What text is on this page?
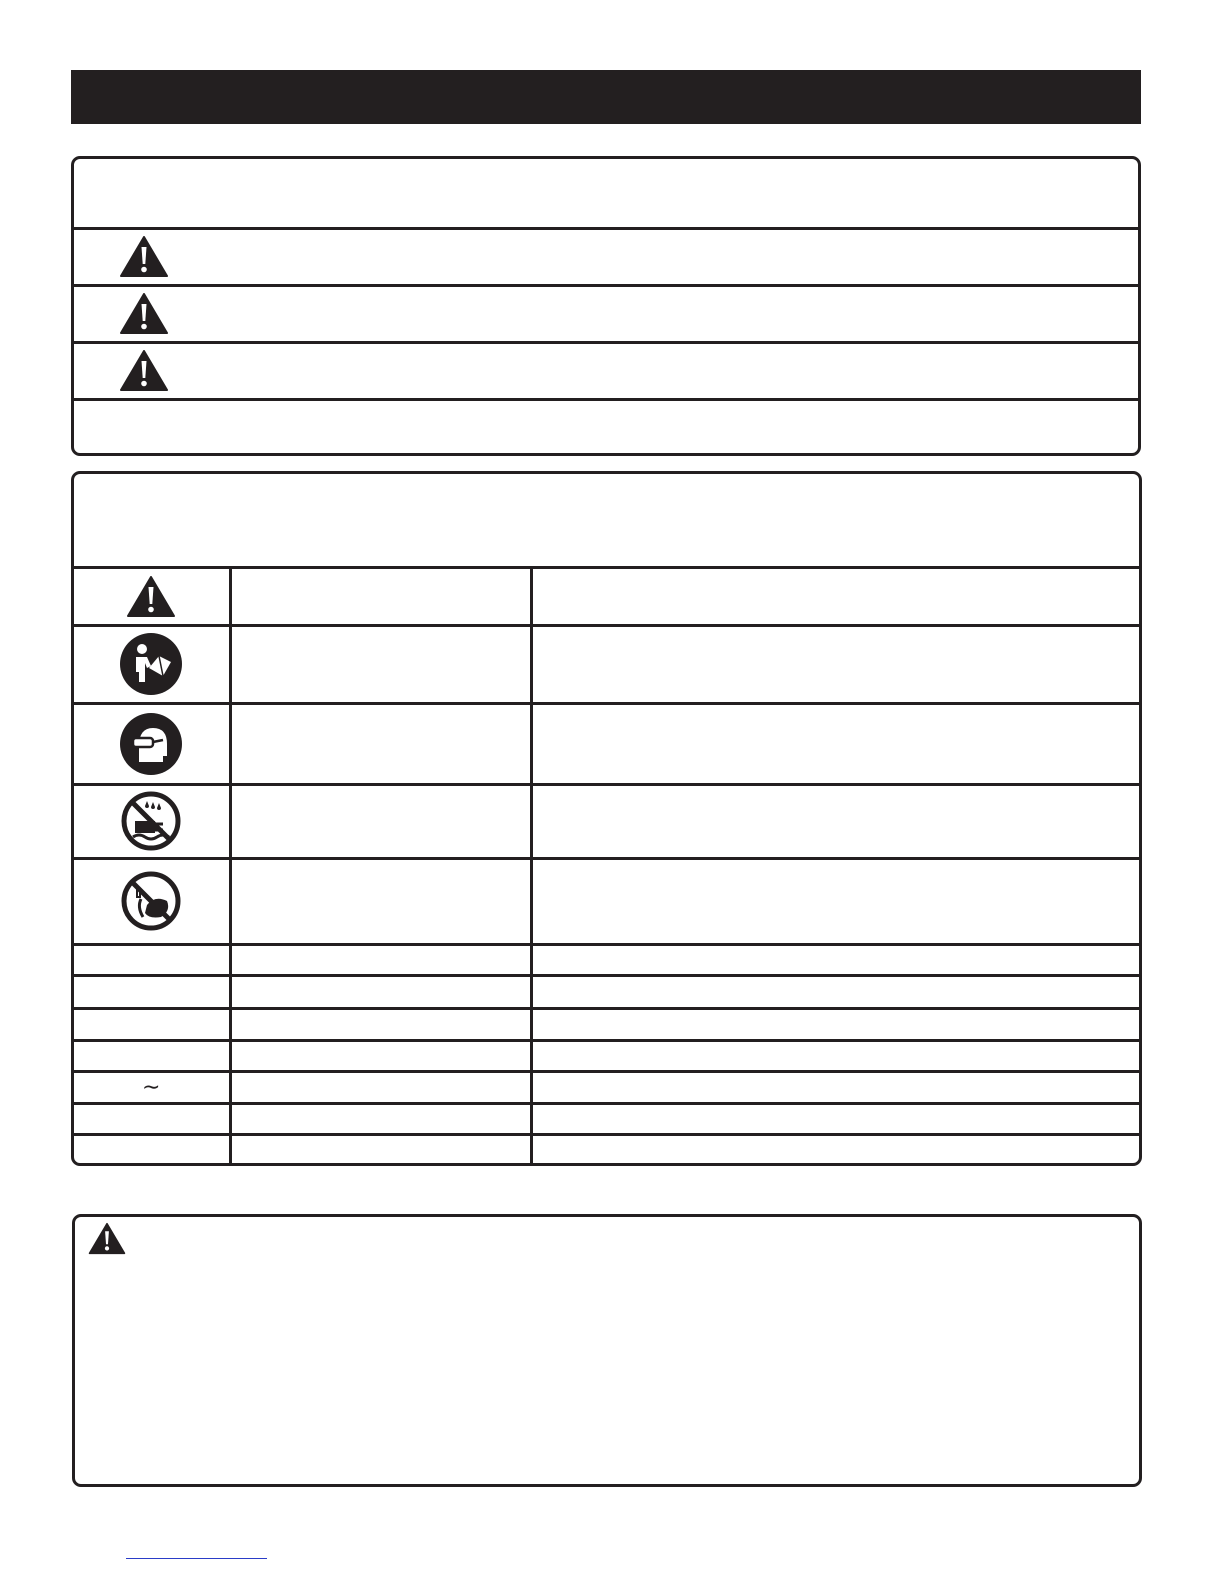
∼		
